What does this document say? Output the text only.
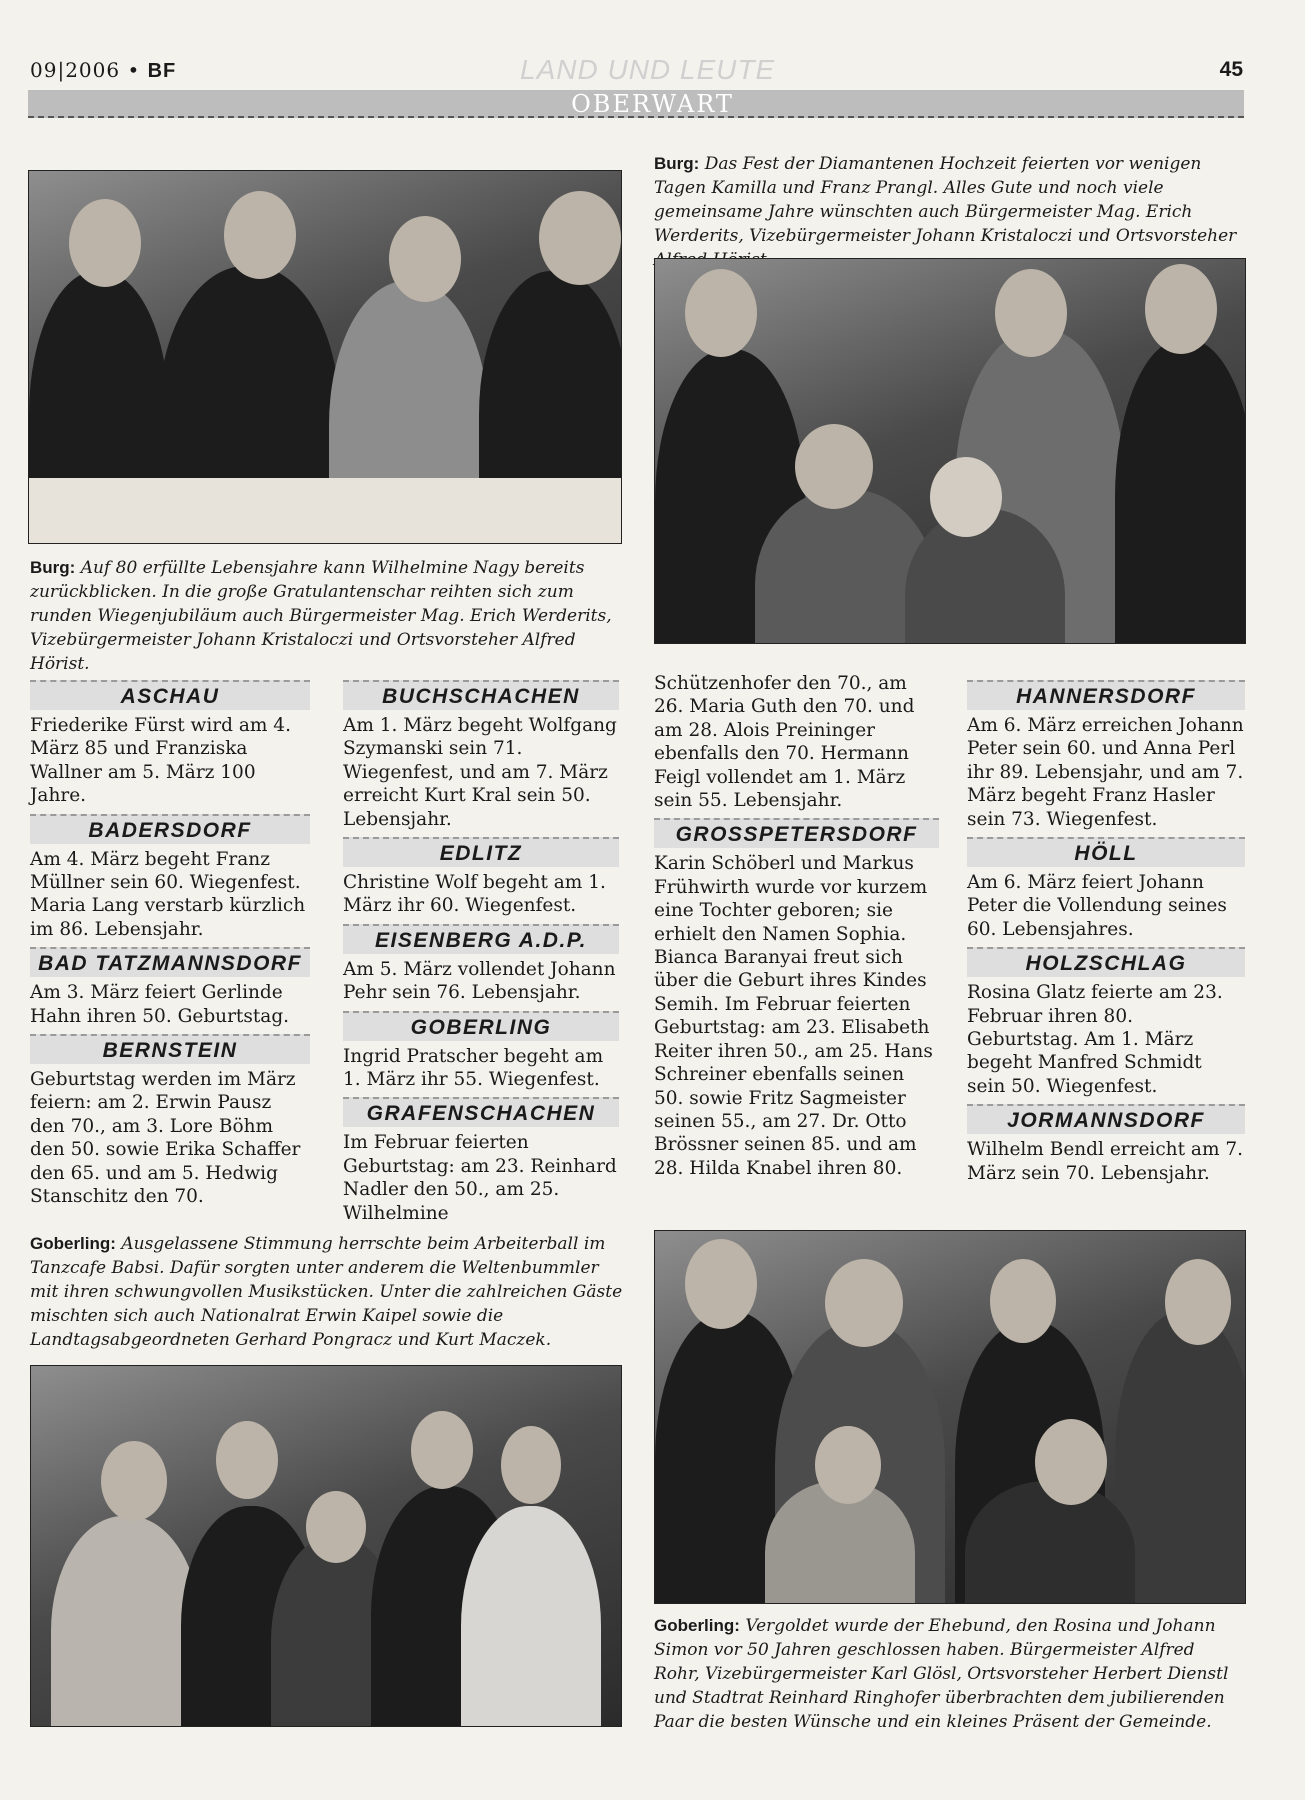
09|2006 • BF	LAND UND LEUTE	45
OBERWART
Burg: Das Fest der Diamantenen Hochzeit feierten vor wenigen Tagen Kamilla und Franz Prangl. Alles Gute und noch viele gemeinsame Jahre wünschten auch Bürgermeister Mag. Erich Werderits, Vizebürgermeister Johann Kristaloczi und Ortsvorsteher
Burg: Auf 80 erfüllte Lebensjahre kann Wilhelmine Nagy bereits zurückblicken. In die große Gratulantenschar reihten sich zum runden Wiegenjubiläum auch Bürgermeister Mag. Erich Werderits, Vizebürgermeister Johann Kristaloczi und Ortsvorsteher Alfred Hörist.
ASCHAU

Friederike Fürst wird am 4. März 85 und Franziska Wallner am 5. März 100 Jahre.

BADERSDORF

Am 4. März begeht Franz Müllner sein 60. Wiegenfest. Maria Lang verstarb kürzlich im 86. Lebensjahr.

BAD TATZMANNSDORF

Am 3. März feiert Gerlinde Hahn ihren 50. Geburtstag.

BERNSTEIN

Geburtstag werden im März feiern: am 2. Erwin Pausz den 70., am 3. Lore Böhm den 50. sowie Erika Schaffer den 65. und am 5. Hedwig Stanschitz den 70.

BUCHSCHACHEN

Am 1. März begeht Wolfgang Szymanski sein 71. Wiegenfest, und am 7. März erreicht Kurt Kral sein 50. Lebensjahr.

EDLITZ

Christine Wolf begeht am 1. März ihr 60. Wiegenfest.

EISENBERG A.D.P.

Am 5. März vollendet Johann Pehr sein 76. Lebensjahr.

GOBERLING

Ingrid Pratscher begeht am 1. März ihr 55. Wiegenfest.

GRAFENSCHACHEN

Im Februar feierten Geburtstag: am 23. Reinhard Nadler den 50., am 25. Wilhelmine

Schützenhofer den 70., am 26. Maria Guth den 70. und am 28. Alois Preininger ebenfalls den 70. Hermann Feigl vollendet am 1. März sein 55. Lebensjahr.

GROSSPETERSDORF

Karin Schöberl und Markus Frühwirth wurde vor kurzem eine Tochter geboren; sie erhielt den Namen Sophia. Bianca Baranyai freut sich über die Geburt ihres Kindes Semih. Im Februar feierten Geburtstag: am 23. Elisabeth Reiter ihren 50., am 25. Hans Schreiner ebenfalls seinen 50. sowie Fritz Sagmeister seinen 55., am 27. Dr. Otto Brössner seinen 85. und am 28. Hilda Knabel ihren 80.

HANNERSDORF

Am 6. März erreichen Johann Peter sein 60. und Anna Perl ihr 89. Lebensjahr, und am 7. März begeht Franz Hasler sein 73. Wiegenfest.

HÖLL

Am 6. März feiert Johann Peter die Vollendung seines 60. Lebensjahres.

HOLZSCHLAG

Rosina Glatz feierte am 23. Februar ihren 80. Geburtstag. Am 1. März begeht Manfred Schmidt sein 50. Wiegenfest.

JORMANNSDORF

Wilhelm Bendl erreicht am 7. März sein 70. Lebensjahr.

Goberling: Ausgelassene Stimmung herrschte beim Arbeiterball im Tanzcafe Babsi. Dafür sorgten unter anderem die Weltenbummler mit ihren schwungvollen Musikstücken. Unter die zahlreichen Gäste mischten sich auch Nationalrat Erwin Kaipel sowie die Landtagsabgeordneten Gerhard Pongracz und Kurt Maczek.
Goberling: Vergoldet wurde der Ehebund, den Rosina und Johann Simon vor 50 Jahren geschlossen haben. Bürgermeister Alfred Rohr, Vizebürgermeister Karl Glösl, Ortsvorsteher Herbert Dienstl und Stadtrat Reinhard Ringhofer überbrachten dem jubilierenden Paar die besten Wünsche und ein kleines Präsent der Gemeinde.
